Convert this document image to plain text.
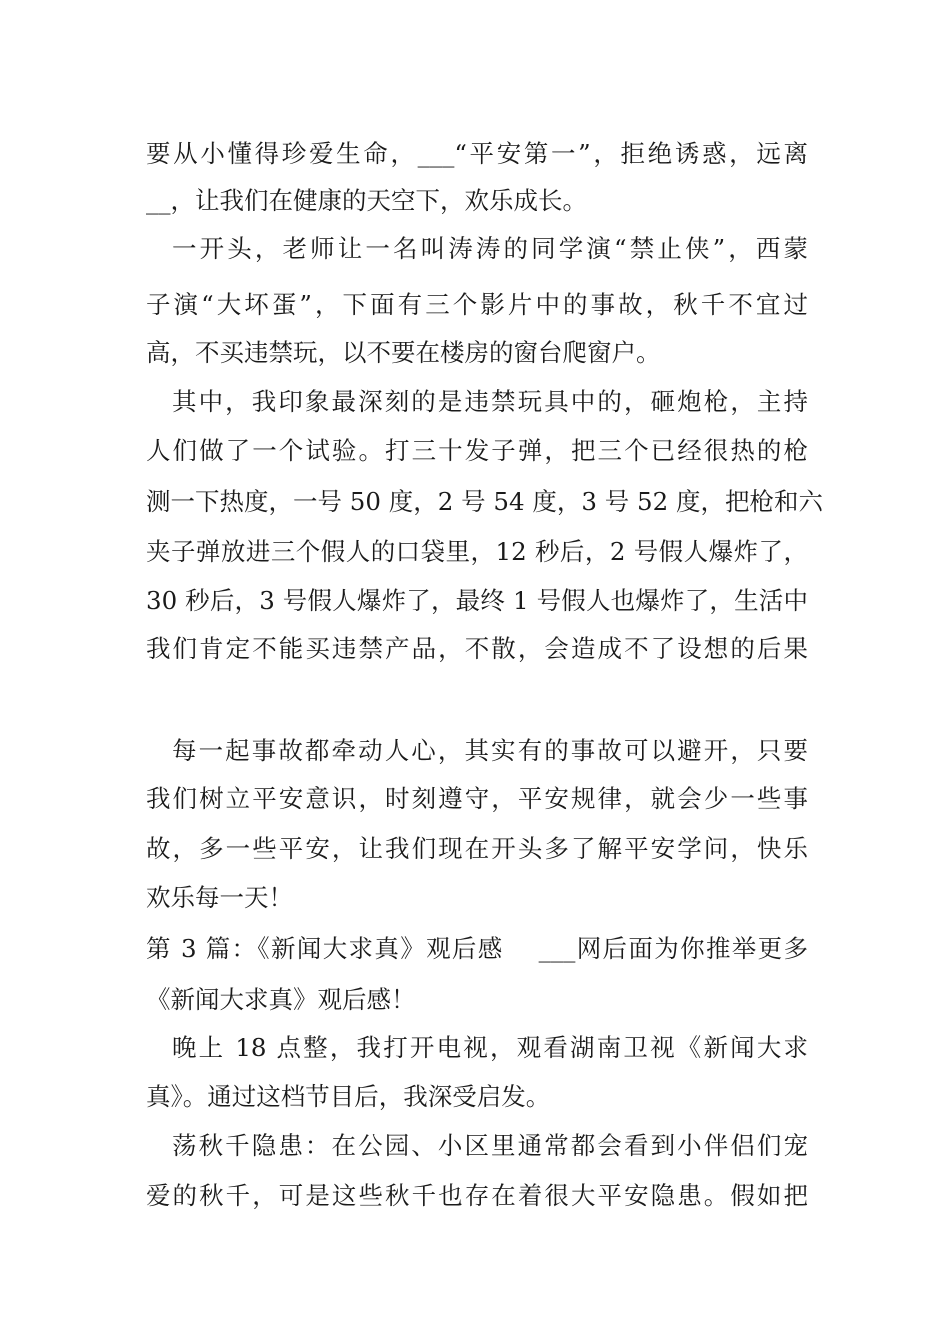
要从小懂得珍爱生命，___“平安第一”，拒绝诱惑，远离
__，让我们在健康的天空下，欢乐成长。
一开头，老师让一名叫涛涛的同学演“禁止侠”，西蒙
子演“大坏蛋”，下面有三个影片中的事故，秋千不宜过
高，不买违禁玩，以不要在楼房的窗台爬窗户。
其中，我印象最深刻的是违禁玩具中的，砸炮枪，主持
人们做了一个试验。打三十发子弹，把三个已经很热的枪
测一下热度，一号 50 度，2 号 54 度，3 号 52 度，把枪和六
夹子弹放进三个假人的口袋里，12 秒后，2 号假人爆炸了，
30 秒后，3 号假人爆炸了，最终 1 号假人也爆炸了，生活中
我们肯定不能买违禁产品，不散，会造成不了设想的后果
每一起事故都牵动人心，其实有的事故可以避开，只要
我们树立平安意识，时刻遵守，平安规律，就会少一些事
故，多一些平安，让我们现在开头多了解平安学问，快乐
欢乐每一天！
第 3 篇：《新闻大求真》观后感　 ___网后面为你推举更多
《新闻大求真》观后感！
晚上 18 点整，我打开电视，观看湖南卫视《新闻大求
真》。通过这档节目后，我深受启发。
荡秋千隐患：在公园、小区里通常都会看到小伴侣们宠
爱的秋千，可是这些秋千也存在着很大平安隐患。假如把
